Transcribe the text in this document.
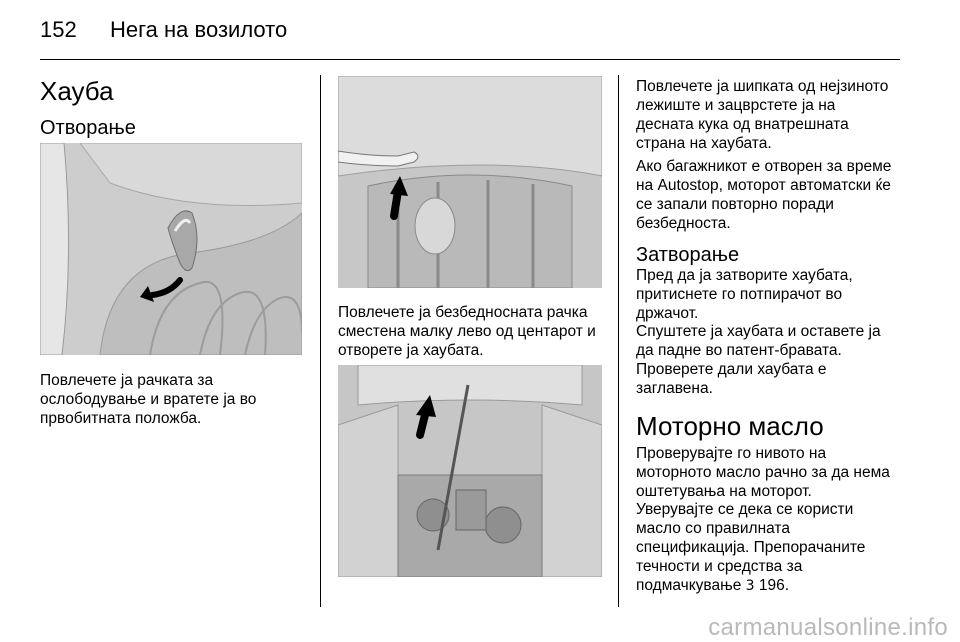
152 Нега на возилото
Хауба
Отворање
Повлечете ја рачката за
ослободување и вратете ја во
првобитната положба.
Повлечете ја безбедносната рачка
сместена малку лево од центарот и
отворете ја хаубата.
Повлечете ја шипката од нејзиното
лежиште и зацврстете ја на
десната кука од внатрешната
страна на хаубата.
Ако багажникот е отворен за време
на Autostop, моторот автоматски ќе
се запали повторно поради
безбедноста.
Затворање
Пред да ја затворите хаубата,
притиснете го потпирачот во
држачот.
Спуштете ја хаубата и оставете ја
да падне во патент-бравата.
Проверете дали хаубата е
заглавена.
Моторно масло
Проверувајте го нивото на
моторното масло рачно за да нема
оштетувања на моторот.
Уверувајте се дека се користи
масло со правилната
спецификација. Препорачаните
течности и средства за
подмачкување 3 196.
carmanualsonline.info
